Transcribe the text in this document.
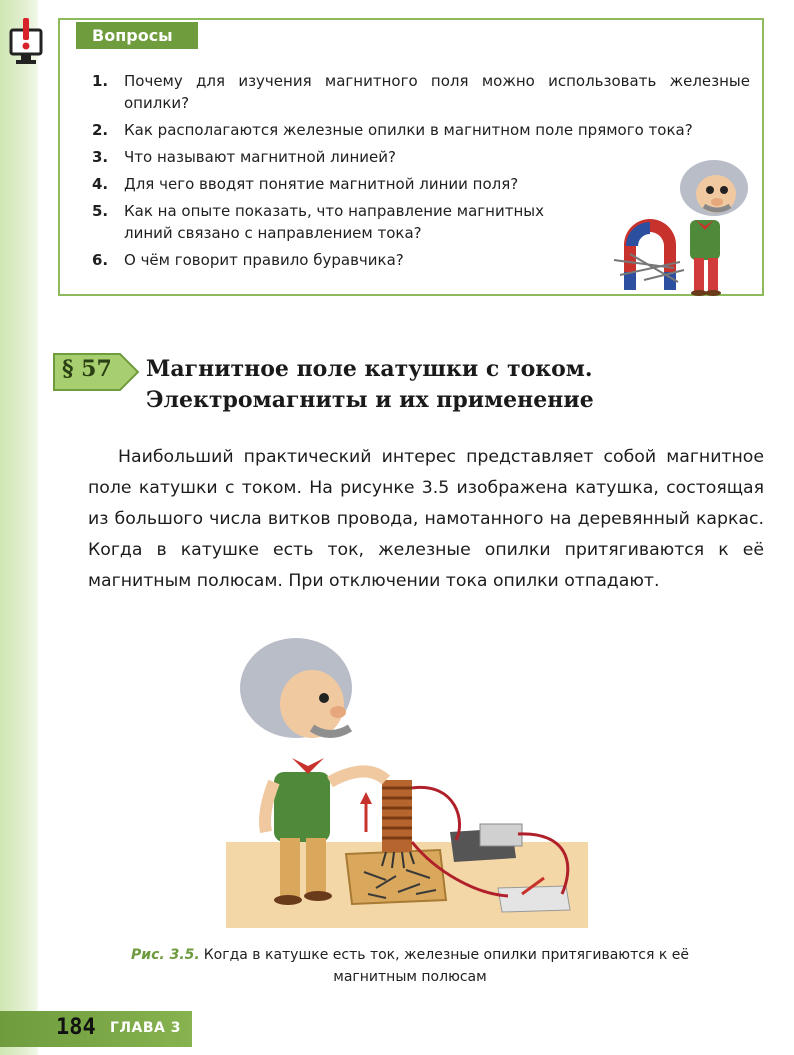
Вопросы
1. Почему для изучения магнитного поля можно использовать железные опилки?
2. Как располагаются железные опилки в магнитном поле прямого тока?
3. Что называют магнитной линией?
4. Для чего вводят понятие магнитной линии поля?
5. Как на опыте показать, что направление магнитных линий связано с направлением тока?
6. О чём говорит правило буравчика?
§ 57 Магнитное поле катушки с током.
Электромагниты и их применение

Наибольший практический интерес представляет собой магнитное поле катушки с током. На рисунке 3.5 изображена катушка, состоящая из большого числа витков провода, намотанного на деревянный каркас. Когда в катушке есть ток, железные опилки притягиваются к её магнитным полюсам. При отключении тока опилки отпадают.

Рис. 3.5. Когда в катушке есть ток, железные опилки притягиваются к её магнитным полюсам
184 ГЛАВА 3
